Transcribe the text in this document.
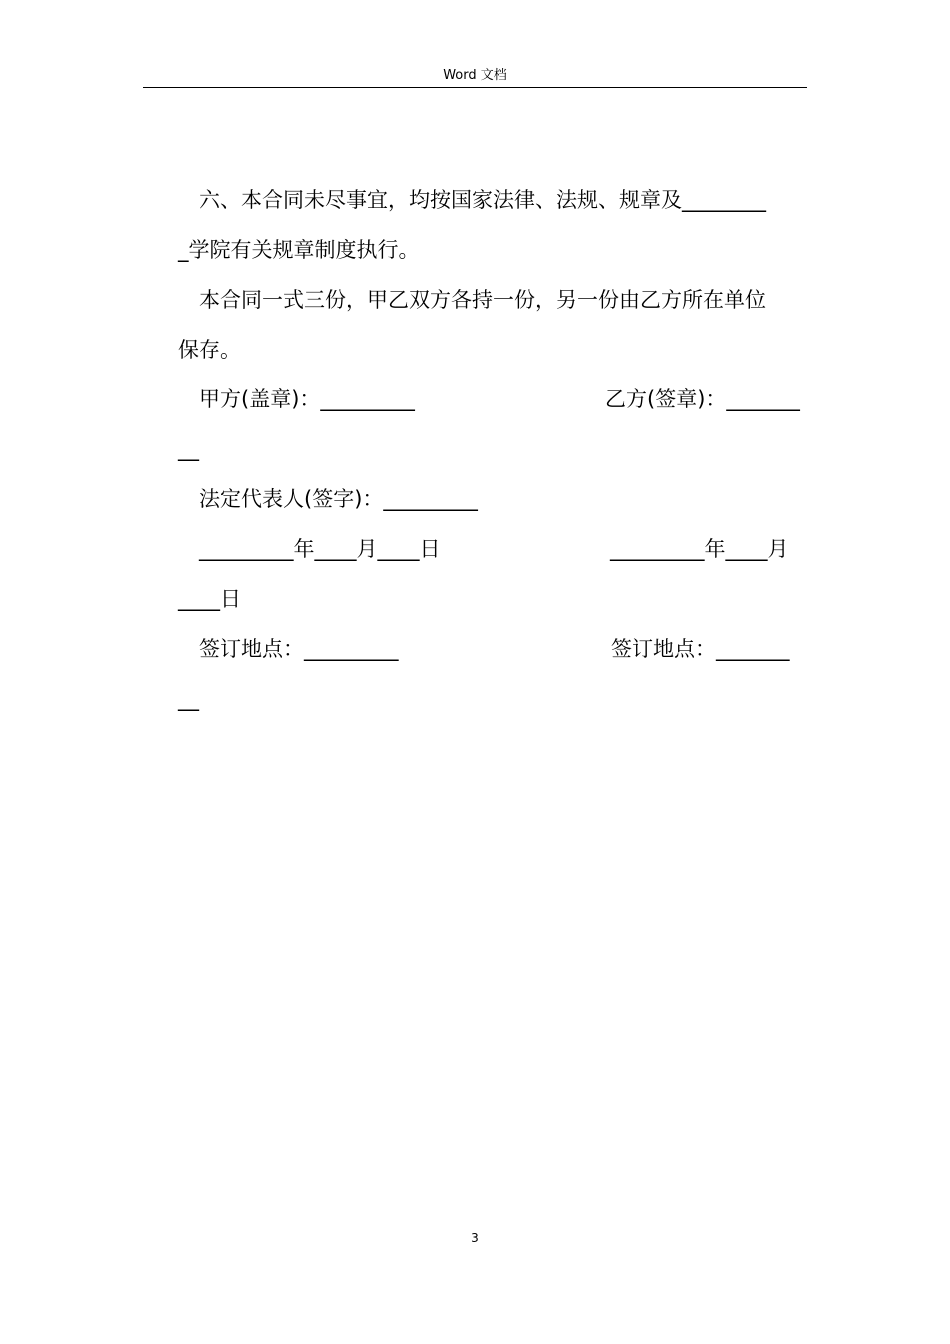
Word 文档
六、本合同未尽事宜，均按国家法律、法规、规章及________
_学院有关规章制度执行。
本合同一式三份，甲乙双方各持一份，另一份由乙方所在单位
保存。
甲方(盖章)：_________	乙方(签章)：_______
__
法定代表人(签字)：_________
_________年____月____日	_________年____月
____日
签订地点：_________	签订地点：_______
__
3
